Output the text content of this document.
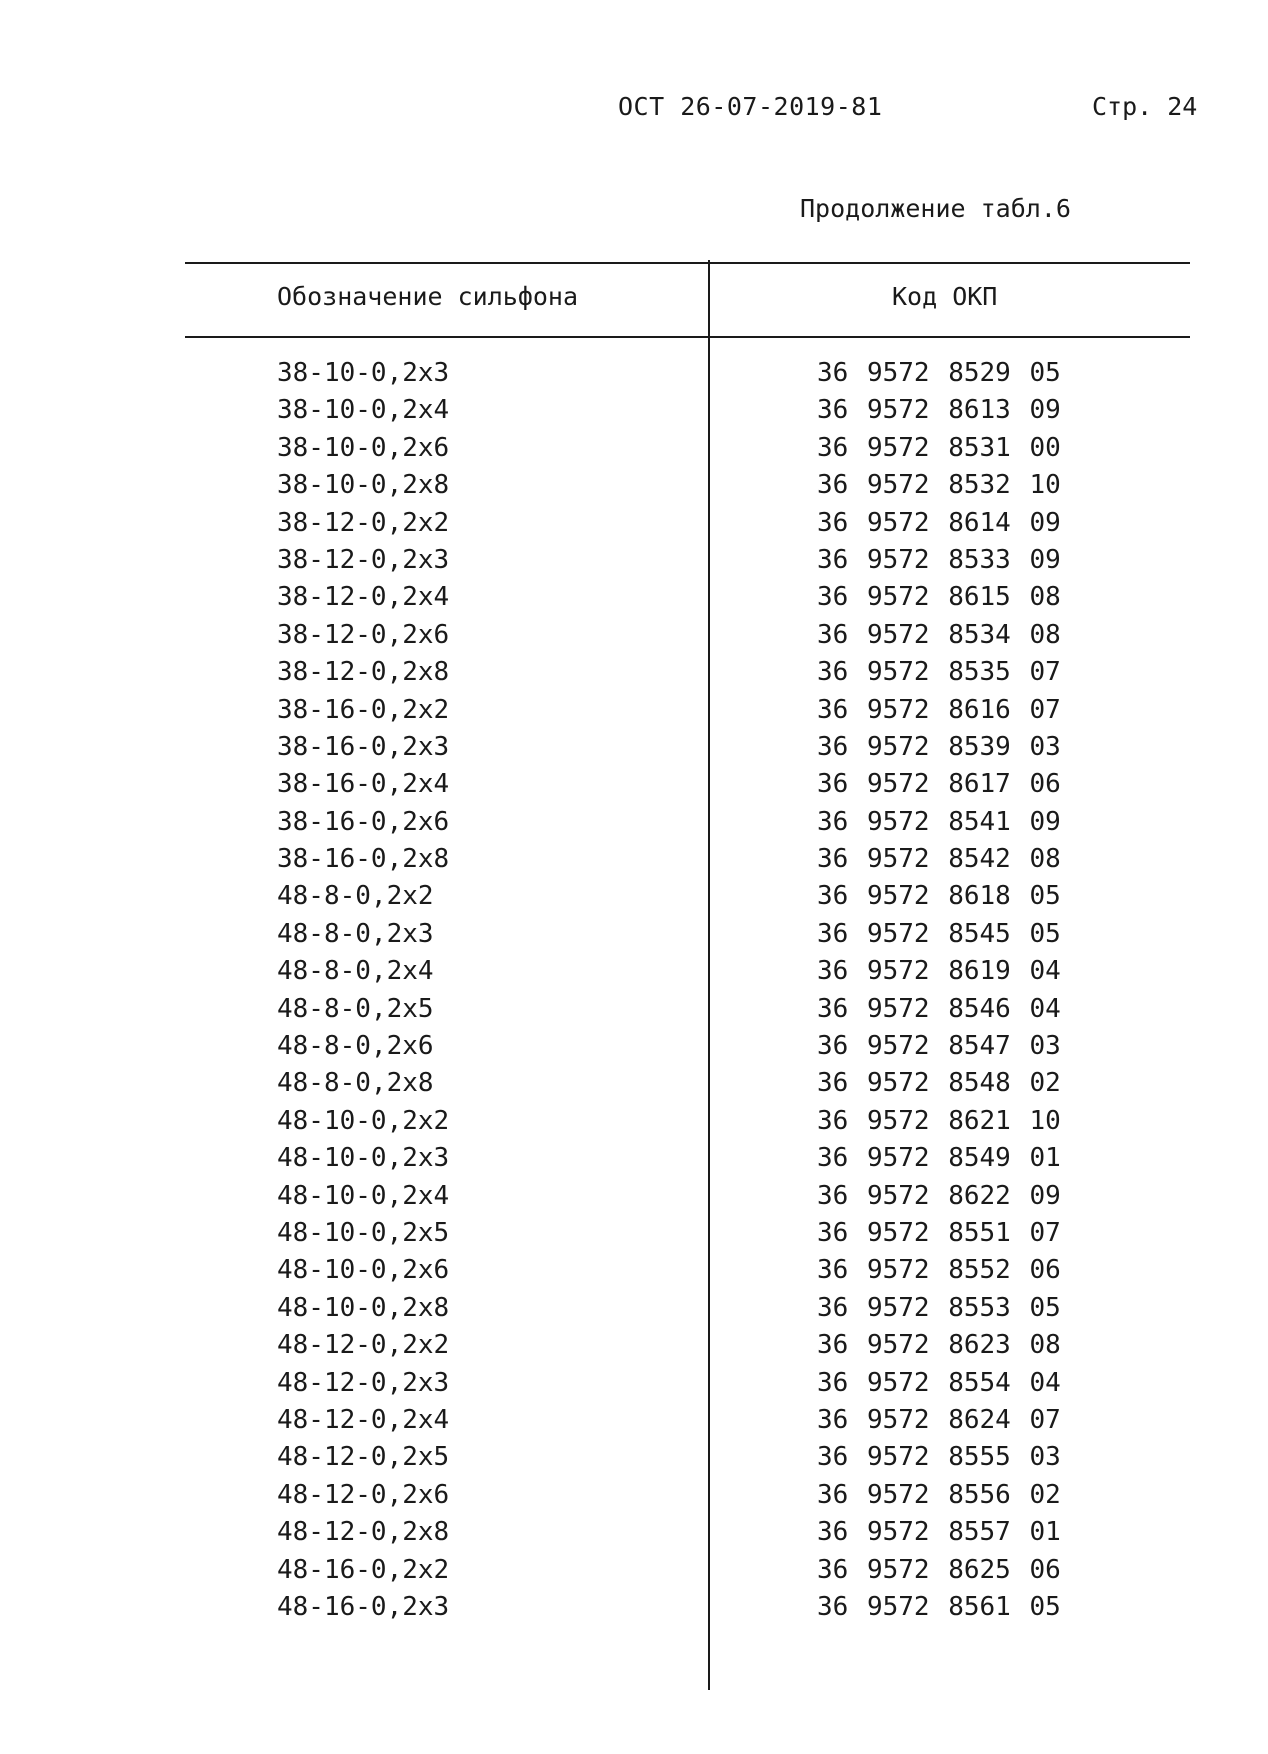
ОСТ 26-07-2019-81	Стр. 24
Продолжение табл.6
Обозначение сильфона	Код ОКП
38-10-0,2х3	36 9572 8529 05
38-10-0,2х4	36 9572 8613 09
38-10-0,2х6	36 9572 8531 00
38-10-0,2х8	36 9572 8532 10
38-12-0,2х2	36 9572 8614 09
38-12-0,2х3	36 9572 8533 09
38-12-0,2х4	36 9572 8615 08
38-12-0,2х6	36 9572 8534 08
38-12-0,2х8	36 9572 8535 07
38-16-0,2х2	36 9572 8616 07
38-16-0,2х3	36 9572 8539 03
38-16-0,2х4	36 9572 8617 06
38-16-0,2х6	36 9572 8541 09
38-16-0,2х8	36 9572 8542 08
48-8-0,2х2	36 9572 8618 05
48-8-0,2х3	36 9572 8545 05
48-8-0,2х4	36 9572 8619 04
48-8-0,2х5	36 9572 8546 04
48-8-0,2х6	36 9572 8547 03
48-8-0,2х8	36 9572 8548 02
48-10-0,2х2	36 9572 8621 10
48-10-0,2х3	36 9572 8549 01
48-10-0,2х4	36 9572 8622 09
48-10-0,2х5	36 9572 8551 07
48-10-0,2х6	36 9572 8552 06
48-10-0,2х8	36 9572 8553 05
48-12-0,2х2	36 9572 8623 08
48-12-0,2х3	36 9572 8554 04
48-12-0,2х4	36 9572 8624 07
48-12-0,2х5	36 9572 8555 03
48-12-0,2х6	36 9572 8556 02
48-12-0,2х8	36 9572 8557 01
48-16-0,2х2	36 9572 8625 06
48-16-0,2х3	36 9572 8561 05
